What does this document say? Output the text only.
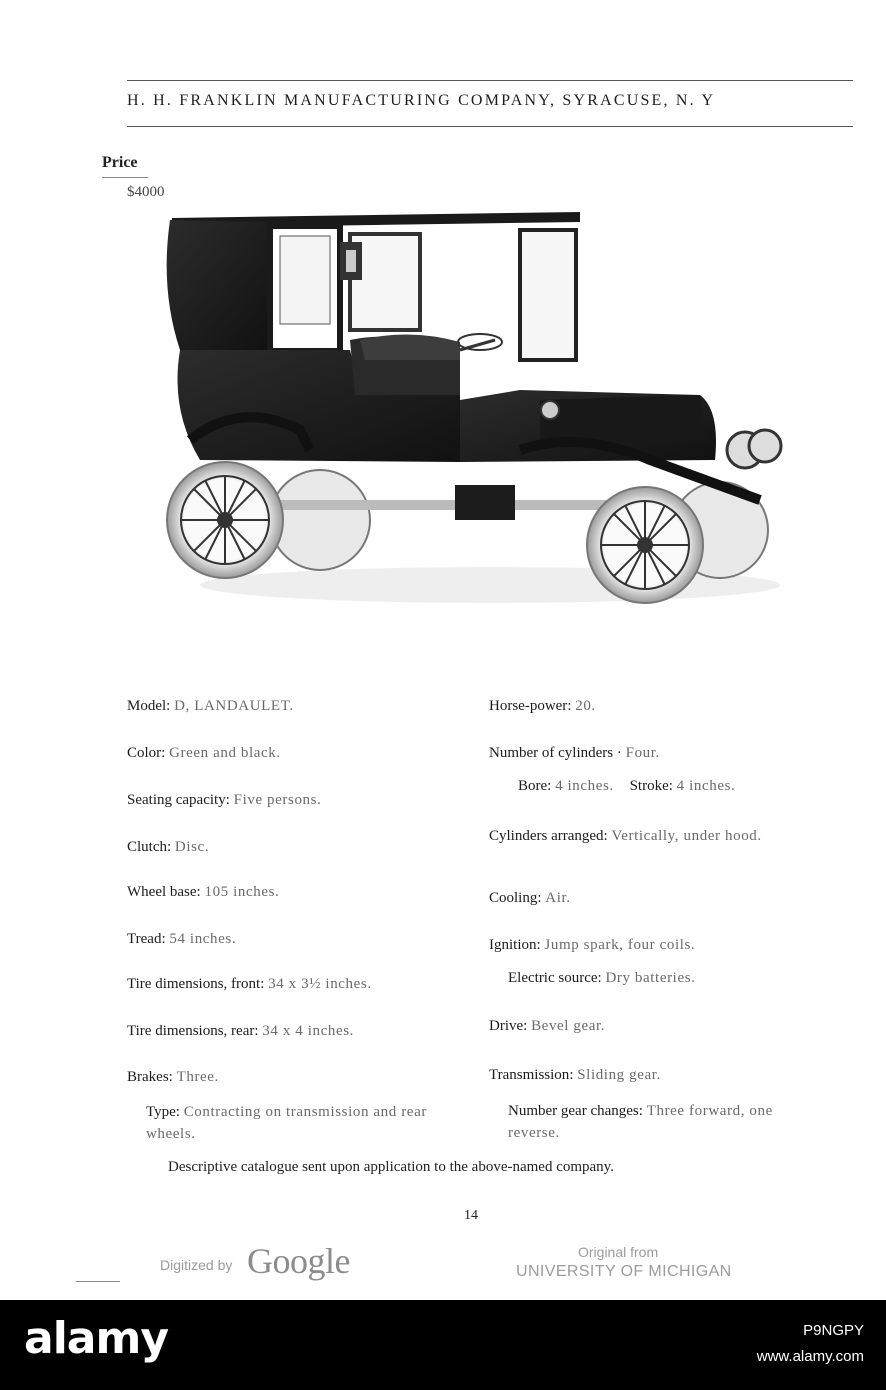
H. H. FRANKLIN MANUFACTURING COMPANY, SYRACUSE, N. Y
Price
$4000
Model: D, LANDAULET.
Color: Green and black.
Seating capacity: Five persons.
Clutch: Disc.
Wheel base: 105 inches.
Tread: 54 inches.
Tire dimensions, front: 34 x 3½ inches.
Tire dimensions, rear: 34 x 4 inches.
Brakes: Three.
Type: Contracting on transmission and rear wheels.
Horse-power: 20.
Number of cylinders · Four.
Bore: 4 inches. Stroke: 4 inches.
Cylinders arranged: Vertically, under hood.
Cooling: Air.
Ignition: Jump spark, four coils.
Electric source: Dry batteries.
Drive: Bevel gear.
Transmission: Sliding gear.
Number gear changes: Three forward, one reverse.
Descriptive catalogue sent upon application to the above-named company.
14
Digitized by Google	Original from
UNIVERSITY OF MICHIGAN
alamy	P9NGPY
www.alamy.com
